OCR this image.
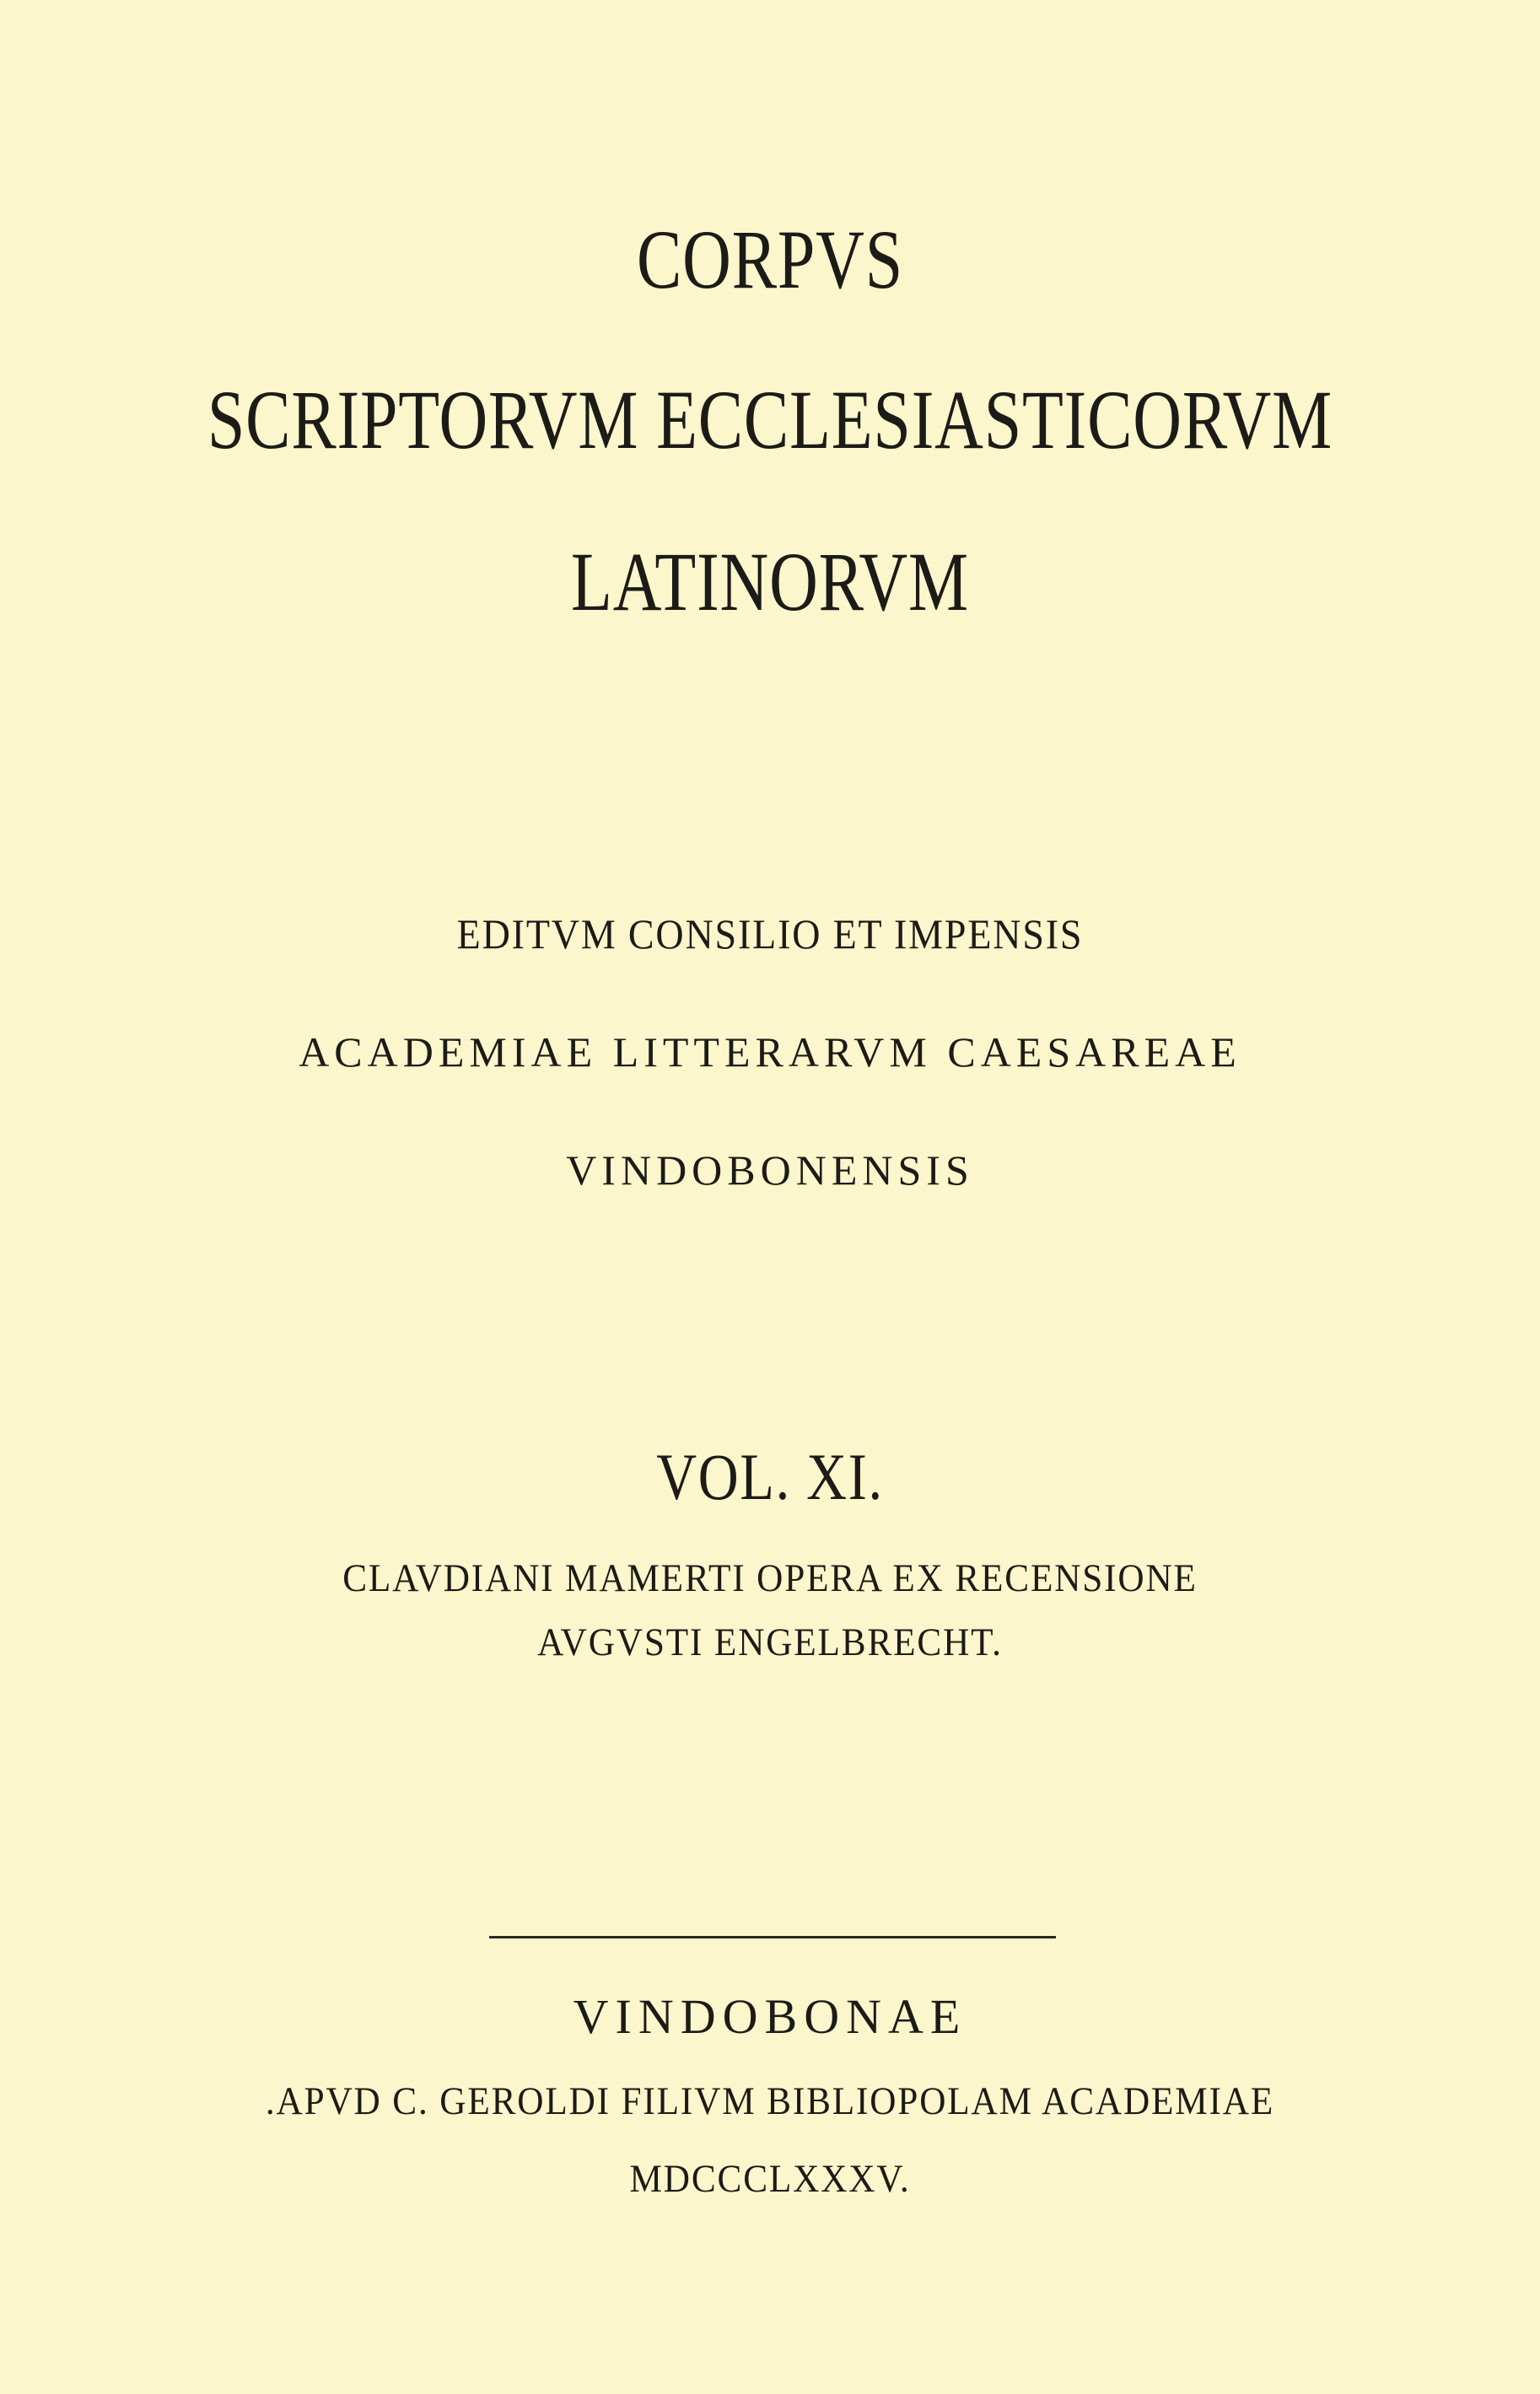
CORPVS
SCRIPTORVM ECCLESIASTICORVM
LATINORVM
EDITVM CONSILIO ET IMPENSIS
ACADEMIAE LITTERARVM CAESAREAE
VINDOBONENSIS
VOL. XI.
CLAVDIANI MAMERTI OPERA EX RECENSIONE
AVGVSTI ENGELBRECHT.
VINDOBONAE
.APVD C. GEROLDI FILIVM BIBLIOPOLAM ACADEMIAE
MDCCCLXXXV.
